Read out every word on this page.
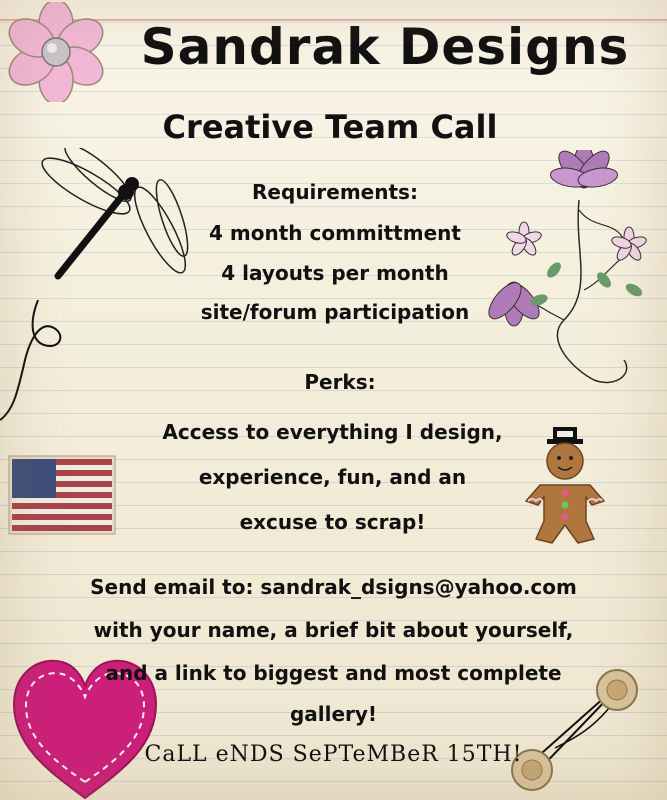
Sandrak Designs
Creative Team Call
Requirements:
4 month committment
4 layouts per month
site/forum participation
Perks:
Access to everything I design,
experience, fun, and an
excuse to scrap!
Send email to: sandrak_dsigns@yahoo.com
with your name, a brief bit about yourself,
and a link to biggest and most complete
gallery!
CaLL eNDS SePTeMBeR 15TH!
